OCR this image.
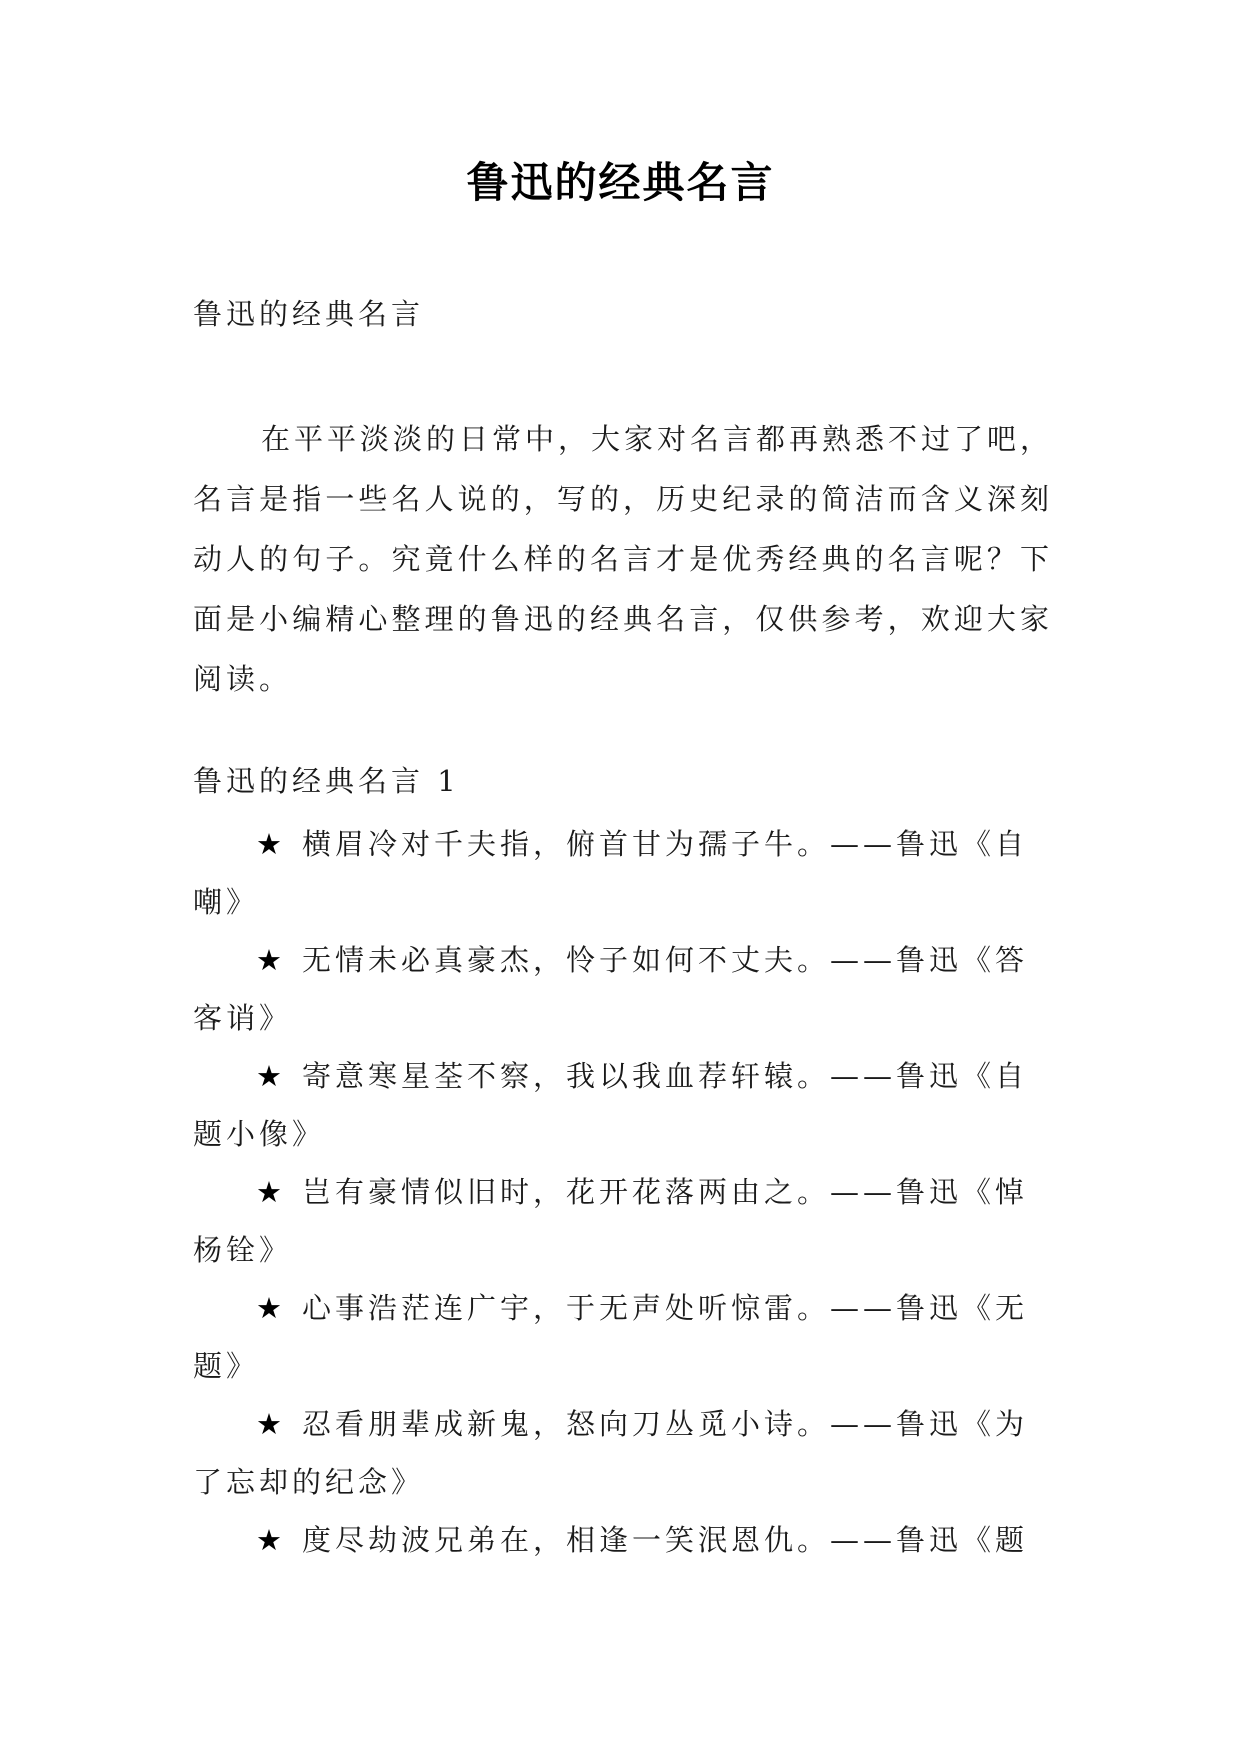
鲁迅的经典名言
鲁迅的经典名言

在平平淡淡的日常中，大家对名言都再熟悉不过了吧，名言是指一些名人说的，写的，历史纪录的简洁而含义深刻动人的句子。究竟什么样的名言才是优秀经典的名言呢？下面是小编精心整理的鲁迅的经典名言，仅供参考，欢迎大家阅读。

鲁迅的经典名言 1
★ 横眉冷对千夫指，俯首甘为孺子牛。——鲁迅《自嘲》
★ 无情未必真豪杰，怜子如何不丈夫。——鲁迅《答客诮》
★ 寄意寒星荃不察，我以我血荐轩辕。——鲁迅《自题小像》
★ 岂有豪情似旧时，花开花落两由之。——鲁迅《悼杨铨》
★ 心事浩茫连广宇，于无声处听惊雷。——鲁迅《无题》
★ 忍看朋辈成新鬼，怒向刀丛觅小诗。——鲁迅《为了忘却的纪念》
★ 度尽劫波兄弟在，相逢一笑泯恩仇。——鲁迅《题
